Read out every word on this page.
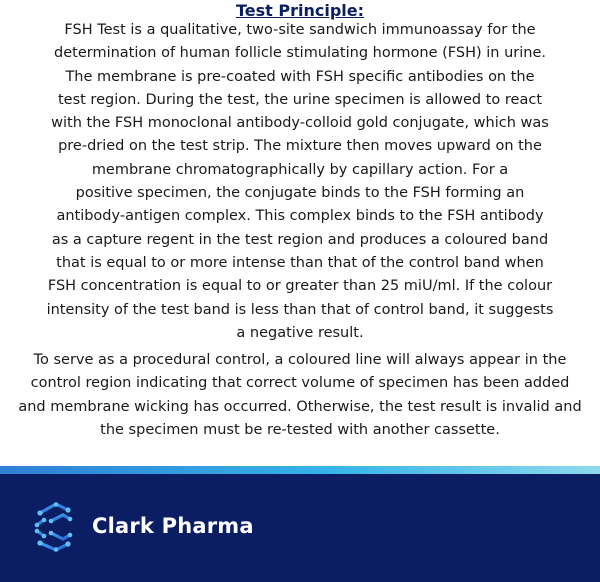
Test Principle:
FSH Test is a qualitative, two-site sandwich immunoassay for the
determination of human follicle stimulating hormone (FSH) in urine.
The membrane is pre-coated with FSH specific antibodies on the
test region. During the test, the urine specimen is allowed to react
with the FSH monoclonal antibody-colloid gold conjugate, which was
pre-dried on the test strip. The mixture then moves upward on the
membrane chromatographically by capillary action. For a
positive specimen, the conjugate binds to the FSH forming an
antibody-antigen complex. This complex binds to the FSH antibody
as a capture regent in the test region and produces a coloured band
that is equal to or more intense than that of the control band when
FSH concentration is equal to or greater than 25 miU/ml. If the colour
intensity of the test band is less than that of control band, it suggests
a negative result.
To serve as a procedural control, a coloured line will always appear in the
control region indicating that correct volume of specimen has been added
and membrane wicking has occurred. Otherwise, the test result is invalid and
the specimen must be re-tested with another cassette.
Clark Pharma
